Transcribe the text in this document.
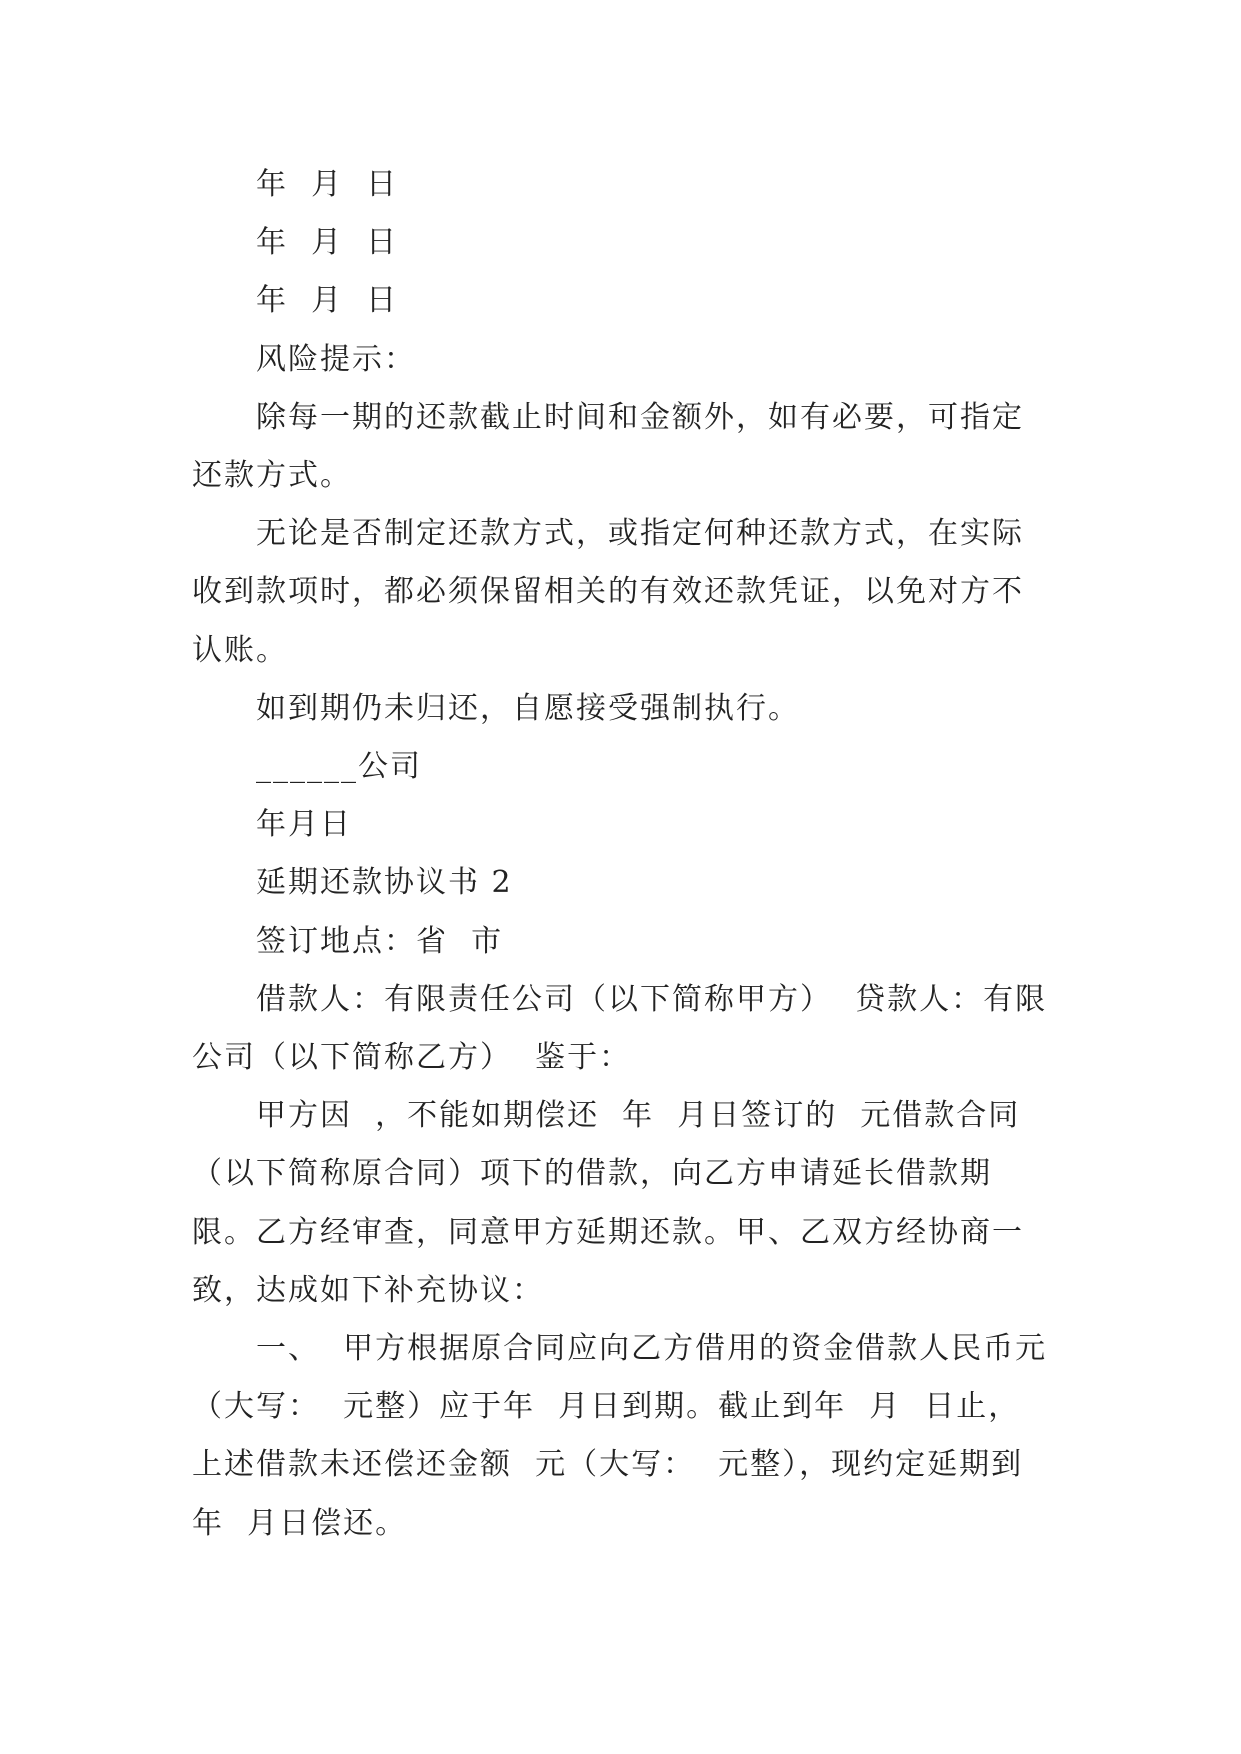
年  月  日

年  月  日

年  月  日

风险提示：

除每一期的还款截止时间和金额外，如有必要，可指定还款方式。

无论是否制定还款方式，或指定何种还款方式，在实际收到款项时，都必须保留相关的有效还款凭证，以免对方不认账。

如到期仍未归还，自愿接受强制执行。

______公司

年月日

延期还款协议书 2

签订地点：省  市

借款人：有限责任公司（以下简称甲方）  贷款人：有限公司（以下简称乙方）  鉴于：

甲方因  ，不能如期偿还  年  月日签订的  元借款合同（以下简称原合同）项下的借款，向乙方申请延长借款期限。乙方经审查，同意甲方延期还款。甲、乙双方经协商一致，达成如下补充协议：

一、  甲方根据原合同应向乙方借用的资金借款人民币元（大写：  元整）应于年  月日到期。截止到年  月  日止，上述借款未还偿还金额  元（大写：  元整），现约定延期到年  月日偿还。
